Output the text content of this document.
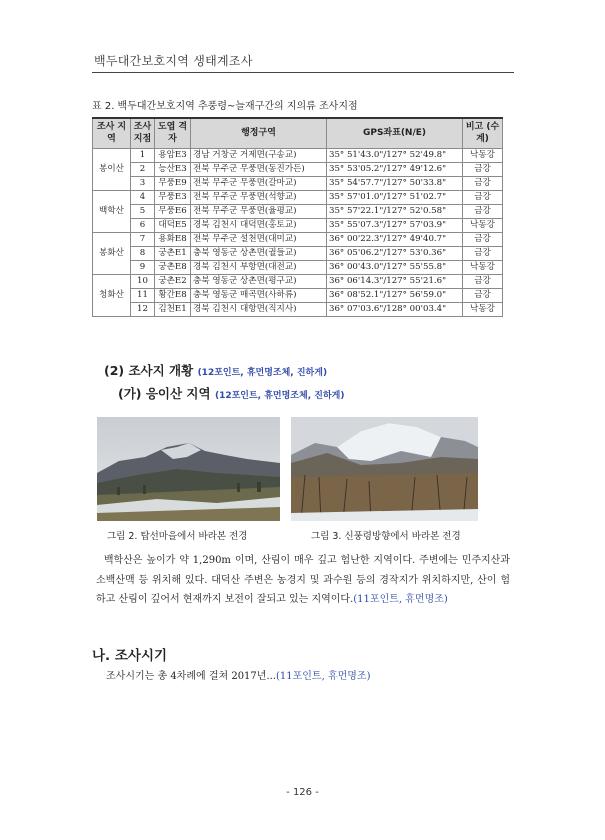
백두대간보호지역 생태계조사
표 2. 백두대간보호지역 추풍령~늘재구간의 지의류 조사지점
조사 지역	조사 지점	도엽 격자	행정구역	GPS좌표(N/E)	비고 (수계)
봉이산	1	용암E3	경남 거창군 거제면(구송교)	35° 51'43.0"/127° 52'49.8"	낙동강
	2	능산E3	전북 무주군 무풍면(동진가든)	35° 53'05.2"/127° 49'12.6"	금강
	3	무풍E9	전북 무주군 무풍면(갈마교)	35° 54'57.7"/127° 50'33.8"	금강
백학산	4	무풍E3	전북 무주군 무풍면(석향교)	35° 57'01.0"/127° 51'02.7"	금강
	5	무풍E6	전북 무주군 무풍면(율평교)	35° 57'22.1"/127° 52'0.58"	금강
	6	대덕E5	경북 김천시 대덕면(홍토교)	35° 55'07.3"/127° 57'03.9"	낙동강
봉화산	7	용화E8	전북 무주군 설천면(대미교)	36° 00'22.3"/127° 49'40.7"	금강
	8	궁촌E1	충북 영동군 상촌면(궐들교)	36° 05'06.2"/127° 53'0.36"	금강
	9	궁촌E8	경북 김천시 부항면(대전교)	36° 00'43.0"/127° 55'55.8"	낙동강
청화산	10	궁촌E2	충북 영동군 상촌면(평구교)	36° 06'14.3"/127° 55'21.6"	금강
	11	황간E8	충북 영동군 매곡면(사하류)	36° 08'52.1"/127° 56'59.0"	금강
	12	김천E1	경북 김천시 대항면(직지사)	36° 07'03.6"/128° 00'03.4"	낙동강
(2) 조사지 개황 (12포인트, 휴먼명조체, 진하게)
(가) 응이산 지역 (12포인트, 휴먼명조체, 진하게)
그림 2. 탑선마을에서 바라본 전경	그림 3. 신풍령방향에서 바라본 전경
백학산은 높이가 약 1,290m 이며, 산림이 매우 깊고 험난한 지역이다. 주변에는 민주지산과 소백산맥 등 위치해 있다. 대덕산 주변은 농경지 및 과수원 등의 경작지가 위치하지만, 산이 험하고 산림이 깊어서 현재까지 보전이 잘되고 있는 지역이다.(11포인트, 휴먼명조)
나. 조사시기
조사시기는 총 4차례에 걸쳐 2017년...(11포인트, 휴먼명조)
- 126 -
